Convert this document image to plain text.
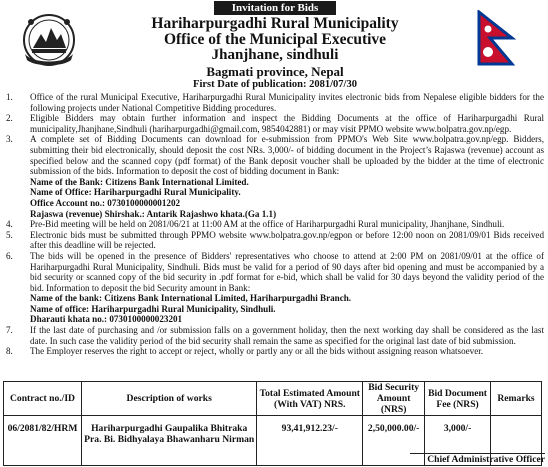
Invitation for Bids
Hariharpurgadhi Rural Municipality
Office of the Municipal Executive
Jhanjhane, sindhuli
Bagmati province, Nepal
First Date of publication: 2081/07/30
1.	Office of the rural Municipal Executive, Hariharpurgadhi Rural Municipality invites electronic bids from Nepalese eligible bidders for the following projects under National Competitive Bidding procedures.
2.	Eligible Bidders may obtain further information and inspect the Bidding Documents at the office of Hariharpurgadhi Rural municipality,Jhanjhane,Sindhuli (hariharpurgadhi@gmail.com, 9854042881) or may visit PPMO website www.bolpatra.gov.np/egp.
3.	A complete set of Bidding Documents can download for e-submission from PPMO's Web Site www.bolpatra.gov.np/egp. Bidders, submitting their bid electronically, should deposit the cost NRs. 3,000/- of bidding document in the Project’s Rajaswa (revenue) account as specified below and the scanned copy (pdf format) of the Bank deposit voucher shall be uploaded by the bidder at the time of electronic submission of the bids. Information to deposit the cost of bidding document in Bank:
Name of the Bank: Citizens Bank International Limited.
Name of Office: Hariharpurgadhi Rural Municipality.
Office Account no.: 0730100000001202
Rajaswa (revenue) Shirshak.: Antarik Rajashwo khata.(Ga 1.1)
4.	Pre-Bid meeting will be held on 2081/06/21 at 11:00 AM at the office of Hariharpurgadhi Rural municipality, Jhanjhane, Sindhuli.
5.	Electronic bids must be submitted through PPMO website www.bolpatra.gov.np/egpon or before 12:00 noon on 2081/09/01 Bids received after this deadline will be rejected.
6.	The bids will be opened in the presence of Bidders' representatives who choose to attend at 2:00 PM on 2081/09/01 at the office of Hariharpurgadhi Rural Municipality, Sindhuli. Bids must be valid for a period of 90 days after bid opening and must be accompanied by a bid security or scanned copy of the bid security in .pdf format for e-bid, which shall be valid for 30 days beyond the validity period of the bid. Information to deposit the bid Security amount in Bank:
Name of the bank: Citizens Bank International Limited, Hariharpurgadhi Branch.
Name of office: Hariharpurgadhi Rural Municipality, Sindhuli.
Dharauti khata no.: 0730100000023201
7.	If the last date of purchasing and /or submission falls on a government holiday, then the next working day shall be considered as the last date. In such case the validity period of the bid security shall remain the same as specified for the original last date of bid submission.
8.	The Employer reserves the right to accept or reject, wholly or partly any or all the bids without assigning reason whatsoever.
Contract no./ID	Description of works	Total Estimated Amount (With VAT) NRS.	Bid Security Amount (NRS)	Bid Document Fee (NRS)	Remarks
06/2081/82/HRM	Hariharpurgadhi Gaupalika Bhitraka
Pra. Bi. Bidhyalaya Bhawanharu Nirman	93,41,912.23/-	2,50,000.00/-	3,000/-	
Chief Administrative Officer
